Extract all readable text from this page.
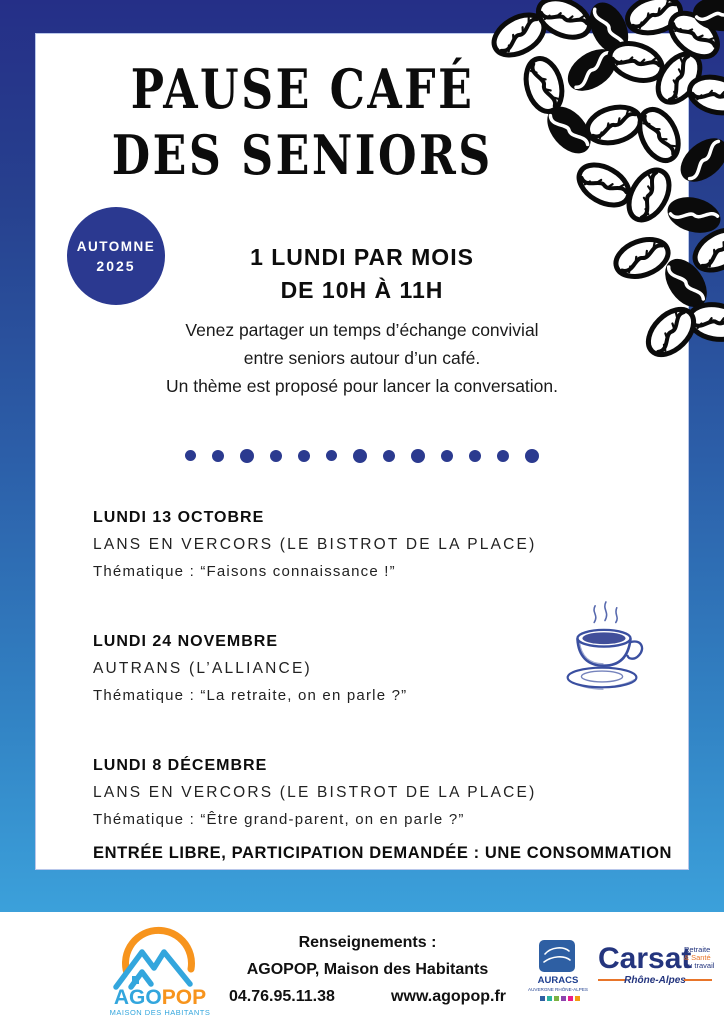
PAUSE CAFÉ
DES SENIORS
AUTOMNE
2025	1 LUNDI PAR MOIS
DE 10H À 11H
Venez partager un temps d’échange convivial
entre seniors autour d’un café.
Un thème est proposé pour lancer la conversation.
LUNDI 13 OCTOBRE
LANS EN VERCORS (LE BISTROT DE LA PLACE)
Thématique : “Faisons connaissance !”
LUNDI 24 NOVEMBRE
AUTRANS (L’ALLIANCE)
Thématique : “La retraite, on en parle ?”
LUNDI 8 DÉCEMBRE
LANS EN VERCORS (LE BISTROT DE LA PLACE)
Thématique : “Être grand-parent, on en parle ?”
ENTRÉE LIBRE, PARTICIPATION DEMANDÉE : UNE CONSOMMATION
AGOPOP
MAISON DES HABITANTS
AURACS
AUVERGNE RHÔNE-ALPES
Carsat
Retraite
& Santé
au travail
Rhône-Alpes
Renseignements :
AGOPOP, Maison des Habitants
04.76.95.11.38	www.agopop.fr
